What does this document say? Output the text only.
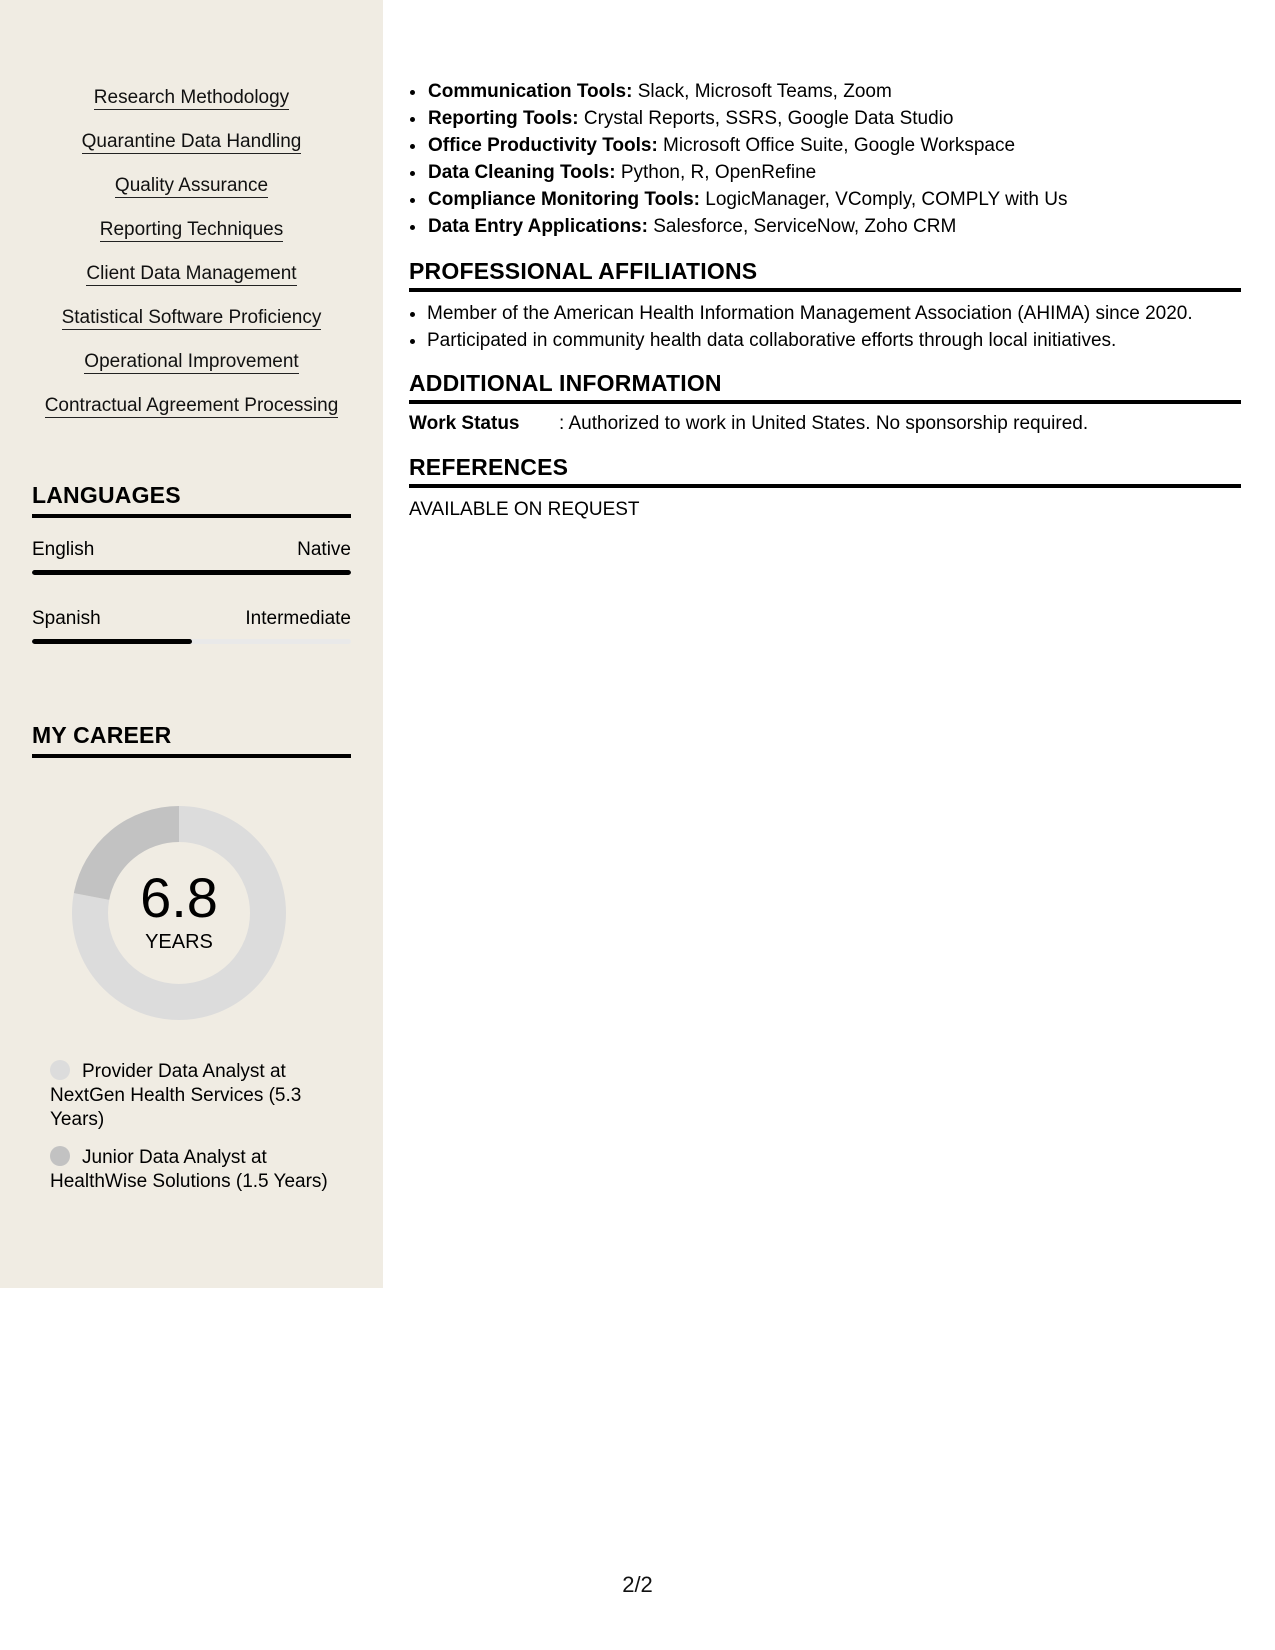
Research Methodology
Quarantine Data Handling
Quality Assurance
Reporting Techniques
Client Data Management
Statistical Software Proficiency
Operational Improvement
Contractual Agreement Processing
LANGUAGES
English	Native
Spanish	Intermediate
MY CAREER
6.8
YEARS
Provider Data Analyst at NextGen Health Services (5.3 Years)
Junior Data Analyst at HealthWise Solutions (1.5 Years)
• Communication Tools: Slack, Microsoft Teams, Zoom
• Reporting Tools: Crystal Reports, SSRS, Google Data Studio
• Office Productivity Tools: Microsoft Office Suite, Google Workspace
• Data Cleaning Tools: Python, R, OpenRefine
• Compliance Monitoring Tools: LogicManager, VComply, COMPLY with Us
• Data Entry Applications: Salesforce, ServiceNow, Zoho CRM
PROFESSIONAL AFFILIATIONS
• Member of the American Health Information Management Association (AHIMA) since 2020.
• Participated in community health data collaborative efforts through local initiatives.
ADDITIONAL INFORMATION
Work Status	: Authorized to work in United States. No sponsorship required.
REFERENCES
AVAILABLE ON REQUEST
2/2
